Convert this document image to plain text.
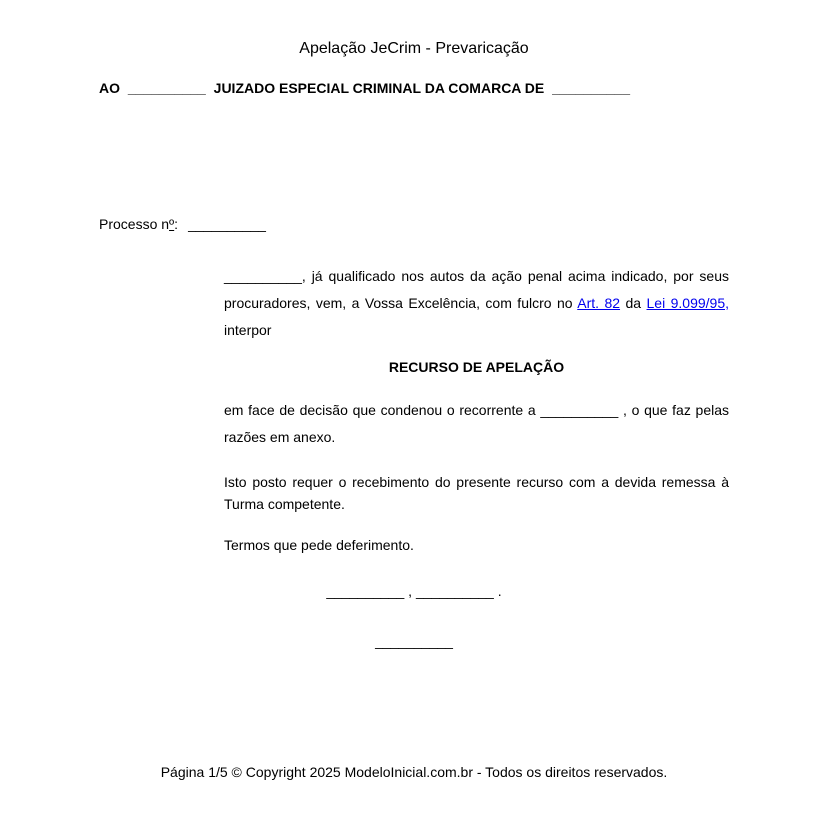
Apelação JeCrim - Prevaricação
AO __________ JUIZADO ESPECIAL CRIMINAL DA COMARCA DE __________
Processo nº: __________

__________, já qualificado nos autos da ação penal acima indicado, por seus procuradores, vem, a Vossa Excelência, com fulcro no Art. 82 da Lei 9.099/95, interpor

RECURSO DE APELAÇÃO

em face de decisão que condenou o recorrente a __________ , o que faz pelas razões em anexo.

Isto posto requer o recebimento do presente recurso com a devida remessa à Turma competente.

Termos que pede deferimento.

__________ , __________ .
__________
Página 1/5 © Copyright 2025 ModeloInicial.com.br - Todos os direitos reservados.
